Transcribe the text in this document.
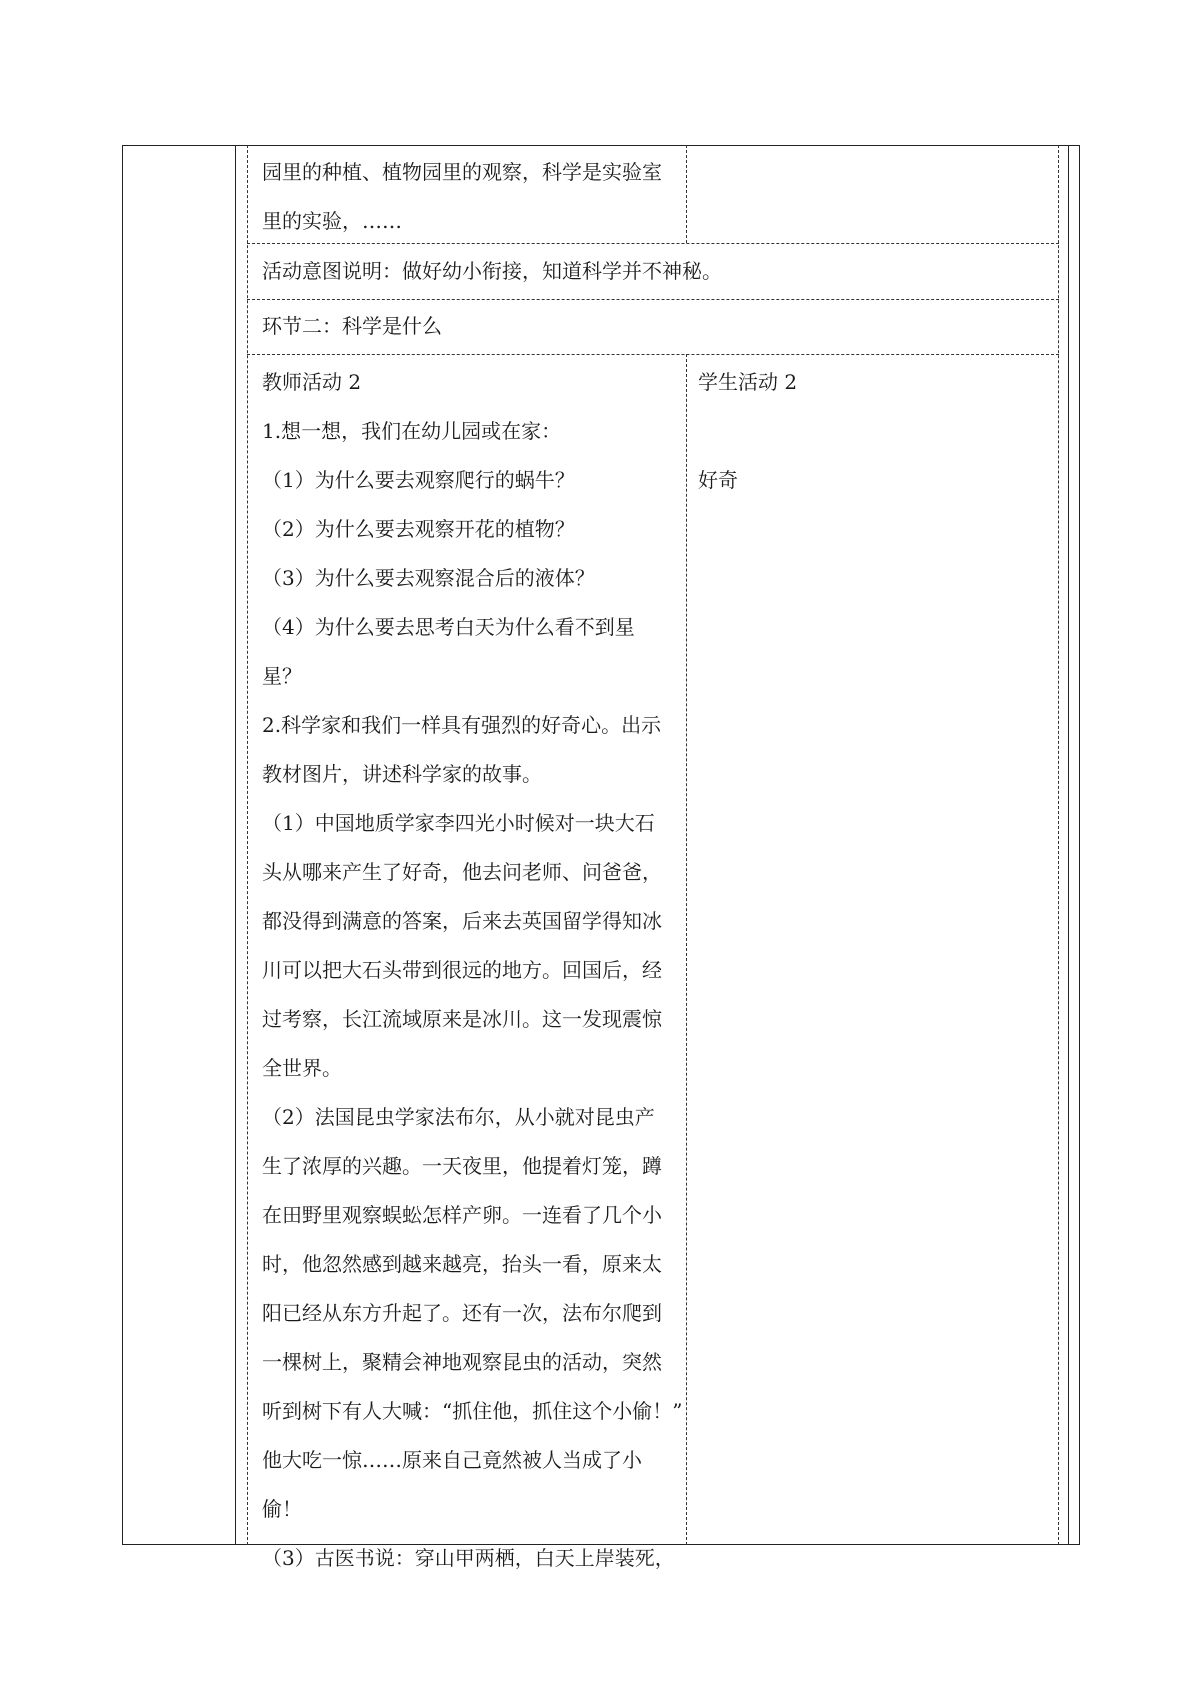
园里的种植、植物园里的观察，科学是实验室
里的实验，……
活动意图说明：做好幼小衔接，知道科学并不神秘。
环节二：科学是什么
教师活动 2
1.想一想，我们在幼儿园或在家：
（1）为什么要去观察爬行的蜗牛？
（2）为什么要去观察开花的植物？
（3）为什么要去观察混合后的液体？
（4）为什么要去思考白天为什么看不到星
星？
2.科学家和我们一样具有强烈的好奇心。出示
教材图片，讲述科学家的故事。
（1）中国地质学家李四光小时候对一块大石
头从哪来产生了好奇，他去问老师、问爸爸，
都没得到满意的答案，后来去英国留学得知冰
川可以把大石头带到很远的地方。回国后，经
过考察，长江流域原来是冰川。这一发现震惊
全世界。
（2）法国昆虫学家法布尔，从小就对昆虫产
生了浓厚的兴趣。一天夜里，他提着灯笼，蹲
在田野里观察蜈蚣怎样产卵。一连看了几个小
时，他忽然感到越来越亮，抬头一看，原来太
阳已经从东方升起了。还有一次，法布尔爬到
一棵树上，聚精会神地观察昆虫的活动，突然
听到树下有人大喊：“抓住他，抓住这个小偷！”
他大吃一惊……原来自己竟然被人当成了小
偷！
（3）古医书说：穿山甲两栖，白天上岸装死，
学生活动 2
好奇
